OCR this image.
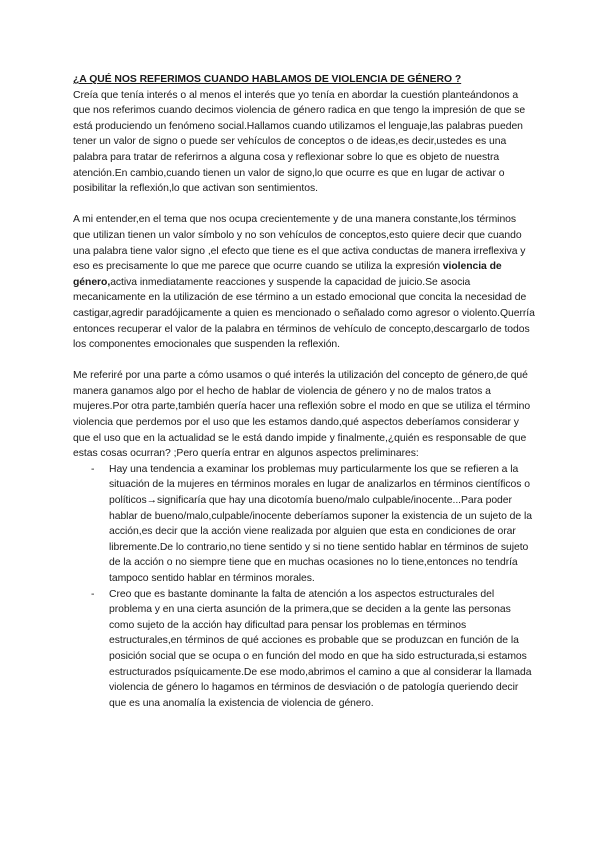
¿A QUÉ NOS REFERIMOS CUANDO HABLAMOS DE VIOLENCIA DE GÉNERO ?

Creía que tenía interés o al menos el interés que yo tenía en abordar la cuestión planteándonos a que nos referimos cuando decimos violencia de género radica en que tengo la impresión de que se está produciendo un fenómeno social.Hallamos cuando utilizamos el lenguaje,las palabras pueden tener un valor de signo o puede ser vehículos de conceptos o de ideas,es decir,ustedes es una palabra para tratar de referirnos a alguna cosa y reflexionar sobre lo que es objeto de nuestra atención.En cambio,cuando tienen un valor de signo,lo que ocurre es que en lugar de activar o posibilitar la reflexión,lo que activan son sentimientos.

A mi entender,en el tema que nos ocupa crecientemente y de una manera constante,los términos que utilizan tienen un valor símbolo y no son vehículos de conceptos,esto quiere decir que cuando una palabra tiene valor signo ,el efecto que tiene es el que activa conductas de manera irreflexiva y eso es precisamente lo que me parece que ocurre cuando se utiliza la expresión violencia de género,activa inmediatamente reacciones y suspende la capacidad de juicio.Se asocia mecanicamente en la utilización de ese término a un estado emocional que concita la necesidad de castigar,agredir paradójicamente a quien es mencionado o señalado como agresor o violento.Querría entonces recuperar el valor de la palabra en términos de vehículo de concepto,descargarlo de todos los componentes emocionales que suspenden la reflexión.

Me referiré por una parte a cómo usamos o qué interés la utilización del concepto de género,de qué manera ganamos algo por el hecho de hablar de violencia de género y no de malos tratos a mujeres.Por otra parte,también quería hacer una reflexión sobre el modo en que se utiliza el término violencia que perdemos por el uso que les estamos dando,qué aspectos deberíamos considerar y que el uso que en la actualidad se le está dando impide y finalmente,¿quién es responsable de que estas cosas ocurran? ;Pero quería entrar en algunos aspectos preliminares:

- Hay una tendencia a examinar los problemas muy particularmente los que se refieren a la situación de la mujeres en términos morales en lugar de analizarlos en términos científicos o políticos→significaría que hay una dicotomía bueno/malo culpable/inocente...Para poder hablar de bueno/malo,culpable/inocente deberíamos suponer la existencia de un sujeto de la acción,es decir que la acción viene realizada por alguien que esta en condiciones de orar libremente.De lo contrario,no tiene sentido y si no tiene sentido hablar en términos de sujeto de la acción o no siempre tiene que en muchas ocasiones no lo tiene,entonces no tendría tampoco sentido hablar en términos morales.
- Creo que es bastante dominante la falta de atención a los aspectos estructurales del problema y en una cierta asunción de la primera,que se deciden a la gente las personas como sujeto de la acción hay dificultad para pensar los problemas en términos estructurales,en términos de qué acciones es probable que se produzcan en función de la posición social que se ocupa o en función del modo en que ha sido estructurada,si estamos estructurados psíquicamente.De ese modo,abrimos el camino a que al considerar la llamada violencia de género lo hagamos en términos de desviación o de patología queriendo decir que es una anomalía la existencia de violencia de género.
